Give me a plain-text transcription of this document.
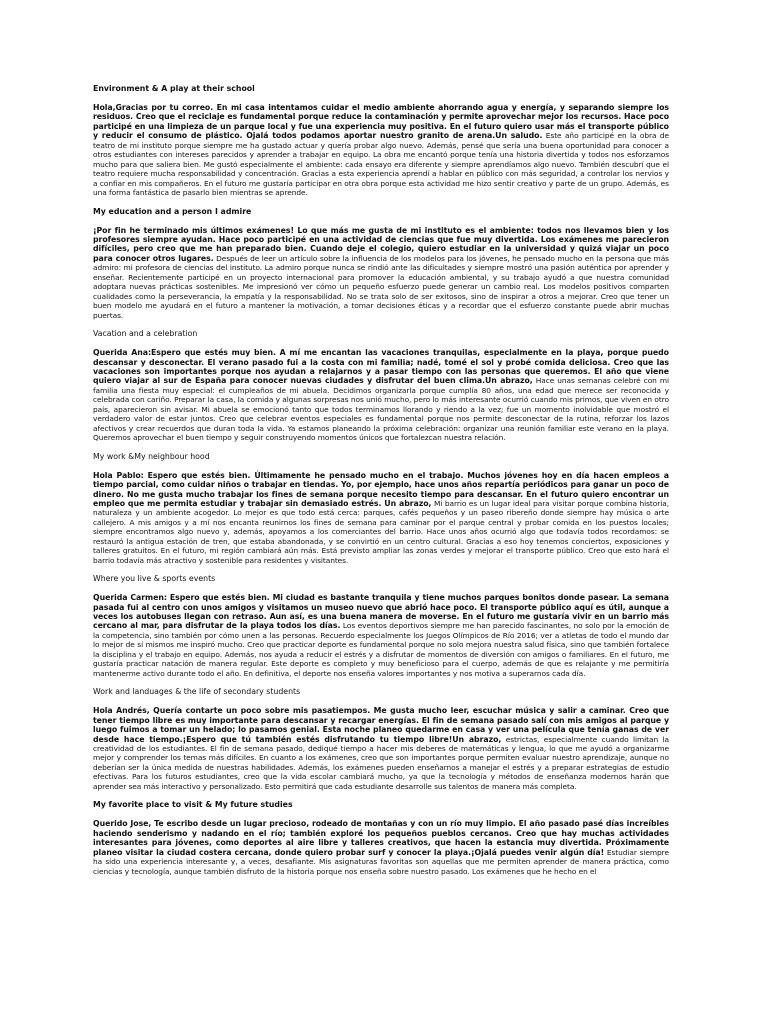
Environment & A play at their school

Hola,Gracias por tu correo. En mi casa intentamos cuidar el medio ambiente ahorrando agua y energía, y separando siempre los residuos. Creo que el reciclaje es fundamental porque reduce la contaminación y permite aprovechar mejor los recursos. Hace poco participé en una limpieza de un parque local y fue una experiencia muy positiva. En el futuro quiero usar más el transporte público y reducir el consumo de plástico. Ojalá todos podamos aportar nuestro granito de arena.Un saludo. Este año participé en la obra de teatro de mi instituto porque siempre me ha gustado actuar y quería probar algo nuevo. Además, pensé que sería una buena oportunidad para conocer a otros estudiantes con intereses parecidos y aprender a trabajar en equipo. La obra me encantó porque tenía una historia divertida y todos nos esforzamos mucho para que saliera bien. Me gustó especialmente el ambiente: cada ensayo era diferente y siempre aprendíamos algo nuevo. También descubrí que el teatro requiere mucha responsabilidad y concentración. Gracias a esta experiencia aprendí a hablar en público con más seguridad, a controlar los nervios y a confiar en mis compañeros. En el futuro me gustaría participar en otra obra porque esta actividad me hizo sentir creativo y parte de un grupo. Además, es una forma fantástica de pasarlo bien mientras se aprende.

My education and a person I admire

¡Por fin he terminado mis últimos exámenes! Lo que más me gusta de mi instituto es el ambiente: todos nos llevamos bien y los profesores siempre ayudan. Hace poco participé en una actividad de ciencias que fue muy divertida. Los exámenes me parecieron difíciles, pero creo que me han preparado bien. Cuando deje el colegio, quiero estudiar en la universidad y quizá viajar un poco para conocer otros lugares. Después de leer un artículo sobre la influencia de los modelos para los jóvenes, he pensado mucho en la persona que más admiro: mi profesora de ciencias del instituto. La admiro porque nunca se rindió ante las dificultades y siempre mostró una pasión auténtica por aprender y enseñar. Recientemente participé en un proyecto internacional para promover la educación ambiental, y su trabajo ayudó a que nuestra comunidad adoptara nuevas prácticas sostenibles. Me impresionó ver cómo un pequeño esfuerzo puede generar un cambio real. Los modelos positivos comparten cualidades como la perseverancia, la empatía y la responsabilidad. No se trata solo de ser exitosos, sino de inspirar a otros a mejorar. Creo que tener un buen modelo me ayudará en el futuro a mantener la motivación, a tomar decisiones éticas y a recordar que el esfuerzo constante puede abrir muchas puertas.

Vacation and a celebration

Querida Ana:Espero que estés muy bien. A mí me encantan las vacaciones tranquilas, especialmente en la playa, porque puedo descansar y desconectar. El verano pasado fui a la costa con mi familia; nadé, tomé el sol y probé comida deliciosa. Creo que las vacaciones son importantes porque nos ayudan a relajarnos y a pasar tiempo con las personas que queremos. El año que viene quiero viajar al sur de España para conocer nuevas ciudades y disfrutar del buen clima.Un abrazo, Hace unas semanas celebré con mi familia una fiesta muy especial: el cumpleaños de mi abuela. Decidimos organizarla porque cumplía 80 años, una edad que merece ser reconocida y celebrada con cariño. Preparar la casa, la comida y algunas sorpresas nos unió mucho, pero lo más interesante ocurrió cuando mis primos, que viven en otro país, aparecieron sin avisar. Mi abuela se emocionó tanto que todos terminamos llorando y riendo a la vez; fue un momento inolvidable que mostró el verdadero valor de estar juntos. Creo que celebrar eventos especiales es fundamental porque nos permite desconectar de la rutina, reforzar los lazos afectivos y crear recuerdos que duran toda la vida. Ya estamos planeando la próxima celebración: organizar una reunión familiar este verano en la playa. Queremos aprovechar el buen tiempo y seguir construyendo momentos únicos que fortalezcan nuestra relación.

My work &My neighbour hood

Hola Pablo: Espero que estés bien. Últimamente he pensado mucho en el trabajo. Muchos jóvenes hoy en día hacen empleos a tiempo parcial, como cuidar niños o trabajar en tiendas. Yo, por ejemplo, hace unos años repartía periódicos para ganar un poco de dinero. No me gusta mucho trabajar los fines de semana porque necesito tiempo para descansar. En el futuro quiero encontrar un empleo que me permita estudiar y trabajar sin demasiado estrés. Un abrazo, Mi barrio es un lugar ideal para visitar porque combina historia, naturaleza y un ambiente acogedor. Lo mejor es que todo está cerca: parques, cafés pequeños y un paseo ribereño donde siempre hay música o arte callejero. A mis amigos y a mí nos encanta reunirnos los fines de semana para caminar por el parque central y probar comida en los puestos locales; siempre encontramos algo nuevo y, además, apoyamos a los comerciantes del barrio. Hace unos años ocurrió algo que todavía todos recordamos: se restauró la antigua estación de tren, que estaba abandonada, y se convirtió en un centro cultural. Gracias a eso hoy tenemos conciertos, exposiciones y talleres gratuitos. En el futuro, mi región cambiará aún más. Está previsto ampliar las zonas verdes y mejorar el transporte público. Creo que esto hará el barrio todavía más atractivo y sostenible para residentes y visitantes.

Where you live & sports events

Querida Carmen: Espero que estés bien. Mi ciudad es bastante tranquila y tiene muchos parques bonitos donde pasear. La semana pasada fui al centro con unos amigos y visitamos un museo nuevo que abrió hace poco. El transporte público aquí es útil, aunque a veces los autobuses llegan con retraso. Aun así, es una buena manera de moverse. En el futuro me gustaría vivir en un barrio más cercano al mar, para disfrutar de la playa todos los días. Los eventos deportivos siempre me han parecido fascinantes, no solo por la emoción de la competencia, sino también por cómo unen a las personas. Recuerdo especialmente los Juegos Olímpicos de Río 2016; ver a atletas de todo el mundo dar lo mejor de sí mismos me inspiró mucho. Creo que practicar deporte es fundamental porque no solo mejora nuestra salud física, sino que también fortalece la disciplina y el trabajo en equipo. Además, nos ayuda a reducir el estrés y a disfrutar de momentos de diversión con amigos o familiares. En el futuro, me gustaría practicar natación de manera regular. Este deporte es completo y muy beneficioso para el cuerpo, además de que es relajante y me permitiría mantenerme activo durante todo el año. En definitiva, el deporte nos enseña valores importantes y nos motiva a superarnos cada día.

Work and landuages & the life of secondary students

Hola Andrés, Quería contarte un poco sobre mis pasatiempos. Me gusta mucho leer, escuchar música y salir a caminar. Creo que tener tiempo libre es muy importante para descansar y recargar energías. El fin de semana pasado salí con mis amigos al parque y luego fuimos a tomar un helado; lo pasamos genial. Esta noche planeo quedarme en casa y ver una película que tenía ganas de ver desde hace tiempo.¡Espero que tú también estés disfrutando tu tiempo libre!Un abrazo, estrictas, especialmente cuando limitan la creatividad de los estudiantes. El fin de semana pasado, dediqué tiempo a hacer mis deberes de matemáticas y lengua, lo que me ayudó a organizarme mejor y comprender los temas más difíciles. En cuanto a los exámenes, creo que son importantes porque permiten evaluar nuestro aprendizaje, aunque no deberían ser la única medida de nuestras habilidades. Además, los exámenes pueden enseñarnos a manejar el estrés y a preparar estrategias de estudio efectivas. Para los futuros estudiantes, creo que la vida escolar cambiará mucho, ya que la tecnología y métodos de enseñanza modernos harán que aprender sea más interactivo y personalizado. Esto permitirá que cada estudiante desarrolle sus talentos de manera más completa.

My favorite place to visit & My future studies

Querido Jose, Te escribo desde un lugar precioso, rodeado de montañas y con un río muy limpio. El año pasado pasé días increíbles haciendo senderismo y nadando en el río; también exploré los pequeños pueblos cercanos. Creo que hay muchas actividades interesantes para jóvenes, como deportes al aire libre y talleres creativos, que hacen la estancia muy divertida. Próximamente planeo visitar la ciudad costera cercana, donde quiero probar surf y conocer la playa.¡Ojalá puedes venir algún día! Estudiar siempre ha sido una experiencia interesante y, a veces, desafiante. Mis asignaturas favoritas son aquellas que me permiten aprender de manera práctica, como ciencias y tecnología, aunque también disfruto de la historia porque nos enseña sobre nuestro pasado. Los exámenes que he hecho en el
